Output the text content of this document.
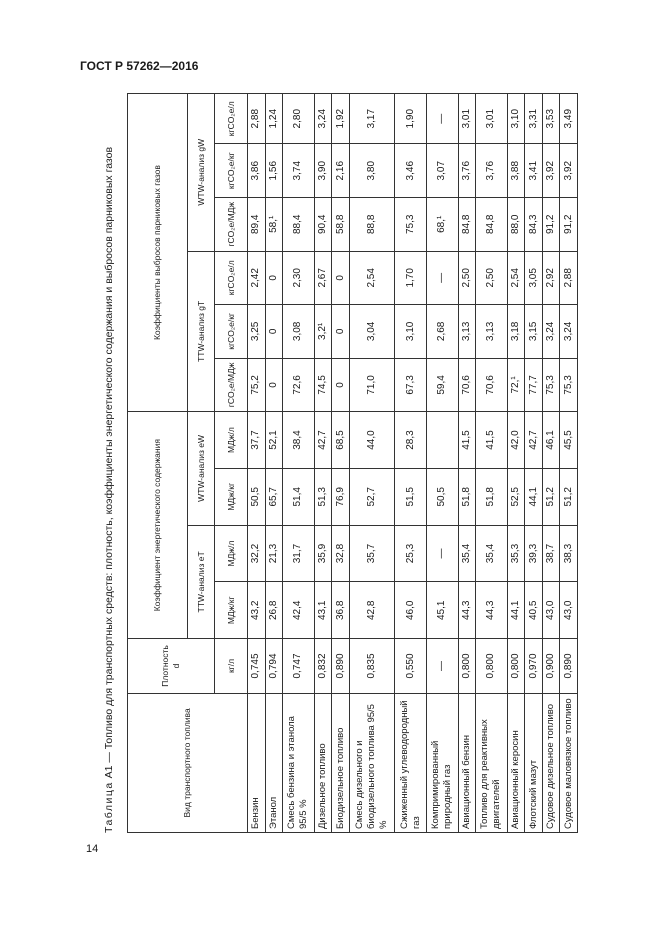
ГОСТ Р 57262—2016
14
Таблица А1 — Топливо для транспортных средств: плотность, коэффициенты энергетического содержания и выбросов парниковых газов	Вид транспортного топлива	Плотность d	Коэффициент энергетического содержания				Коэффициенты выбросов парниковых газов					
		TTW-анализ eT		WTW-анализ eW		TTW-анализ gT			WTW-анализ gW		
	кг/л	МДж/кг	МДж/л	МДж/кг	МДж/л	гCO₂е/МДж	кгCO₂е/кг	кгCO₂е/л	гCO₂е/МДж	кгCO₂е/кг	кгCO₂е/л
Бензин	0,745	43,2	32,2	50,5	37,7	75,2	3,25	2,42	89,4	3,86	2,88
Этанол	0,794	26,8	21,3	65,7	52,1	0	0	0	58,¹	1,56	1,24
Смесь бензина и этанола 95/5 %	0,747	42,4	31,7	51,4	38,4	72,6	3,08	2,30	88,4	3,74	2,80
Дизельное топливо	0,832	43,1	35,9	51,3	42,7	74,5	3,2¹	2,67	90,4	3,90	3,24
Биодизельное топливо	0,890	36,8	32,8	76,9	68,5	0	0	0	58,8	2,16	1,92
Смесь дизельного и биодизельного топлива 95/5 %	0,835	42,8	35,7	52,7	44,0	71,0	3,04	2,54	88,8	3,80	3,17
Сжиженный углеводородный газ	0,550	46,0	25,3	51,5	28,3	67,3	3,10	1,70	75,3	3,46	1,90
Компримированный природный газ	—	45,1	—	50,5		59,4	2,68	—	68,¹	3,07	—
Авиационный бензин	0,800	44,3	35,4	51,8	41,5	70,6	3,13	2,50	84,8	3,76	3,01
Топливо для реактивных двигателей	0,800	44,3	35,4	51,8	41,5	70,6	3,13	2,50	84,8	3,76	3,01
Авиационный керосин	0,800	44,1	35,3	52,5	42,0	72,¹	3,18	2,54	88,0	3,88	3,10
Флотский мазут	0,970	40,5	39,3	44,1	42,7	77,7	3,15	3,05	84,3	3,41	3,31
Судовое дизельное топливо	0,900	43,0	38,7	51,2	46,1	75,3	3,24	2,92	91,2	3,92	3,53
Судовое маловязкое топливо	0,890	43,0	38,3	51,2	45,5	75,3	3,24	2,88	91,2	3,92	3,49
